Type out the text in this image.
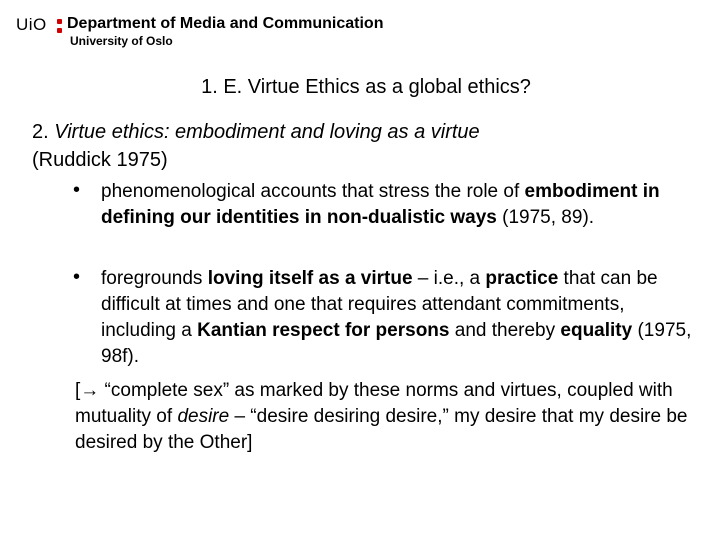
UiO Department of Media and Communication
University of Oslo
1. E. Virtue Ethics as a global ethics?
2. Virtue ethics: embodiment and loving as a virtue
(Ruddick 1975)
• phenomenological accounts that stress the role of embodiment in defining our identities in non-dualistic ways (1975, 89).
• foregrounds loving itself as a virtue – i.e., a practice that can be difficult at times and one that requires attendant commitments, including a Kantian respect for persons and thereby equality (1975, 98f).
[→ “complete sex” as marked by these norms and virtues, coupled with mutuality of desire – “desire desiring desire,” my desire that my desire be desired by the Other]
